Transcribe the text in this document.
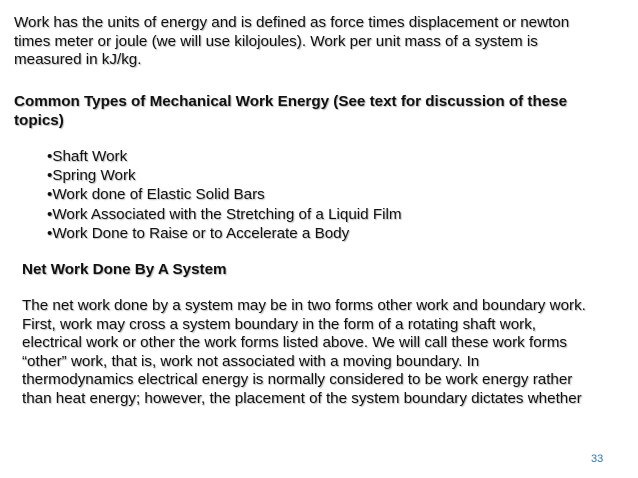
Work has the units of energy and is defined as force times displacement or newton

times meter or joule (we will use kilojoules). Work per unit mass of a system is

measured in kJ/kg.

Common Types of Mechanical Work Energy (See text for discussion of these

topics)

•Shaft Work
•Spring Work
•Work done of Elastic Solid Bars
•Work Associated with the Stretching of a Liquid Film
•Work Done to Raise or to Accelerate a Body

Net Work Done By A System

The net work done by a system may be in two forms other work and boundary work.

First, work may cross a system boundary in the form of a rotating shaft work,

electrical work or other the work forms listed above. We will call these work forms

“other” work, that is, work not associated with a moving boundary. In

thermodynamics electrical energy is normally considered to be work energy rather

than heat energy; however, the placement of the system boundary dictates whether

33
